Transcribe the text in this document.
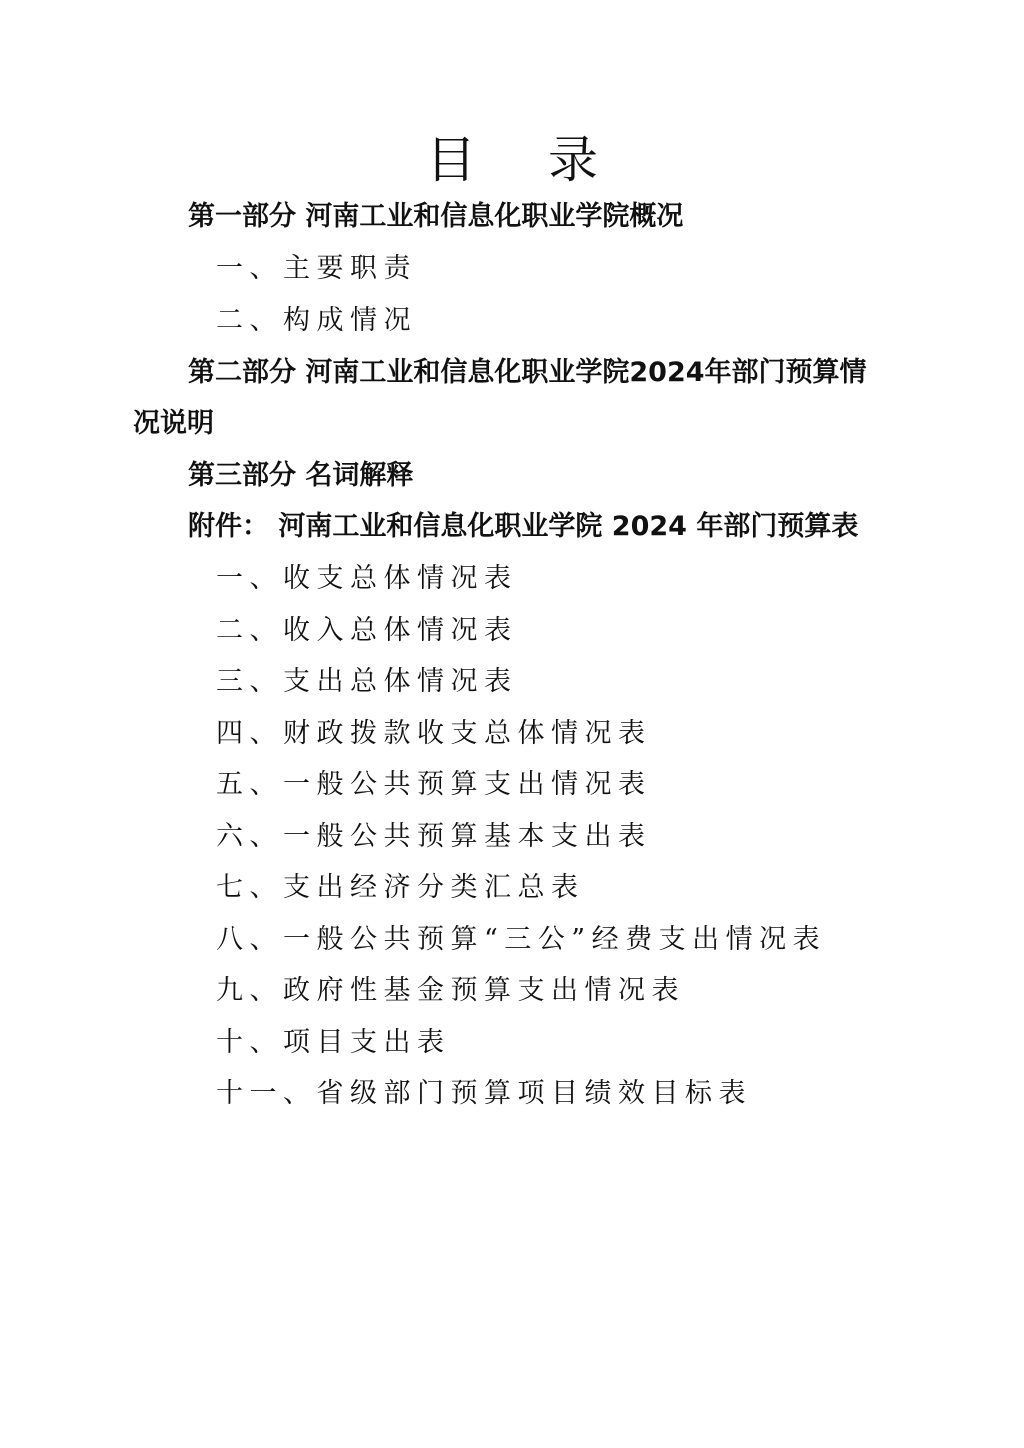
目 录
第一部分 河南工业和信息化职业学院概况
一、主要职责
二、构成情况
第二部分 河南工业和信息化职业学院2024年部门预算情
况说明
第三部分 名词解释
附件： 河南工业和信息化职业学院 2024 年部门预算表
一、收支总体情况表
二、收入总体情况表
三、支出总体情况表
四、财政拨款收支总体情况表
五、一般公共预算支出情况表
六、一般公共预算基本支出表
七、支出经济分类汇总表
八、一般公共预算“三公”经费支出情况表
九、政府性基金预算支出情况表
十、项目支出表
十一、省级部门预算项目绩效目标表
